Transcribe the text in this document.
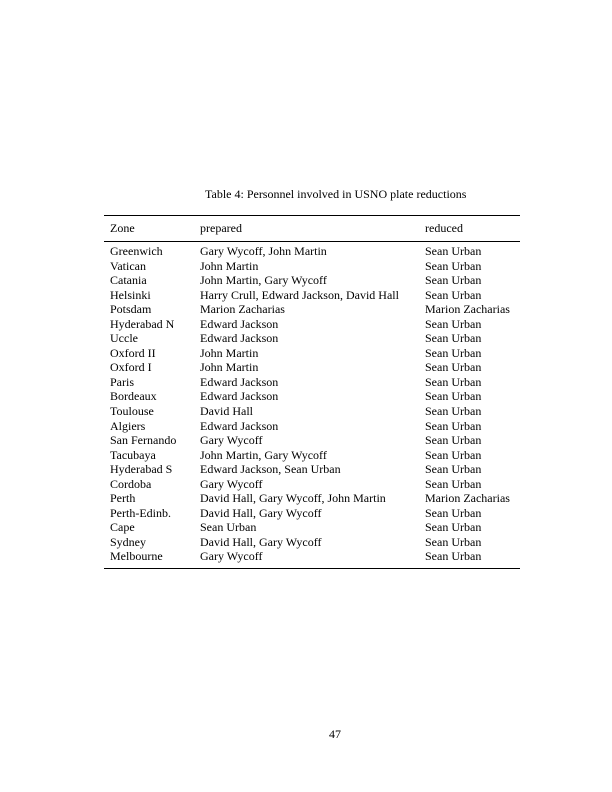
Table 4: Personnel involved in USNO plate reductions
Zone	prepared	reduced
Greenwich	Gary Wycoff, John Martin	Sean Urban
Vatican	John Martin	Sean Urban
Catania	John Martin, Gary Wycoff	Sean Urban
Helsinki	Harry Crull, Edward Jackson, David Hall	Sean Urban
Potsdam	Marion Zacharias	Marion Zacharias
Hyderabad N	Edward Jackson	Sean Urban
Uccle	Edward Jackson	Sean Urban
Oxford II	John Martin	Sean Urban
Oxford I	John Martin	Sean Urban
Paris	Edward Jackson	Sean Urban
Bordeaux	Edward Jackson	Sean Urban
Toulouse	David Hall	Sean Urban
Algiers	Edward Jackson	Sean Urban
San Fernando	Gary Wycoff	Sean Urban
Tacubaya	John Martin, Gary Wycoff	Sean Urban
Hyderabad S	Edward Jackson, Sean Urban	Sean Urban
Cordoba	Gary Wycoff	Sean Urban
Perth	David Hall, Gary Wycoff, John Martin	Marion Zacharias
Perth-Edinb.	David Hall, Gary Wycoff	Sean Urban
Cape	Sean Urban	Sean Urban
Sydney	David Hall, Gary Wycoff	Sean Urban
Melbourne	Gary Wycoff	Sean Urban
47
